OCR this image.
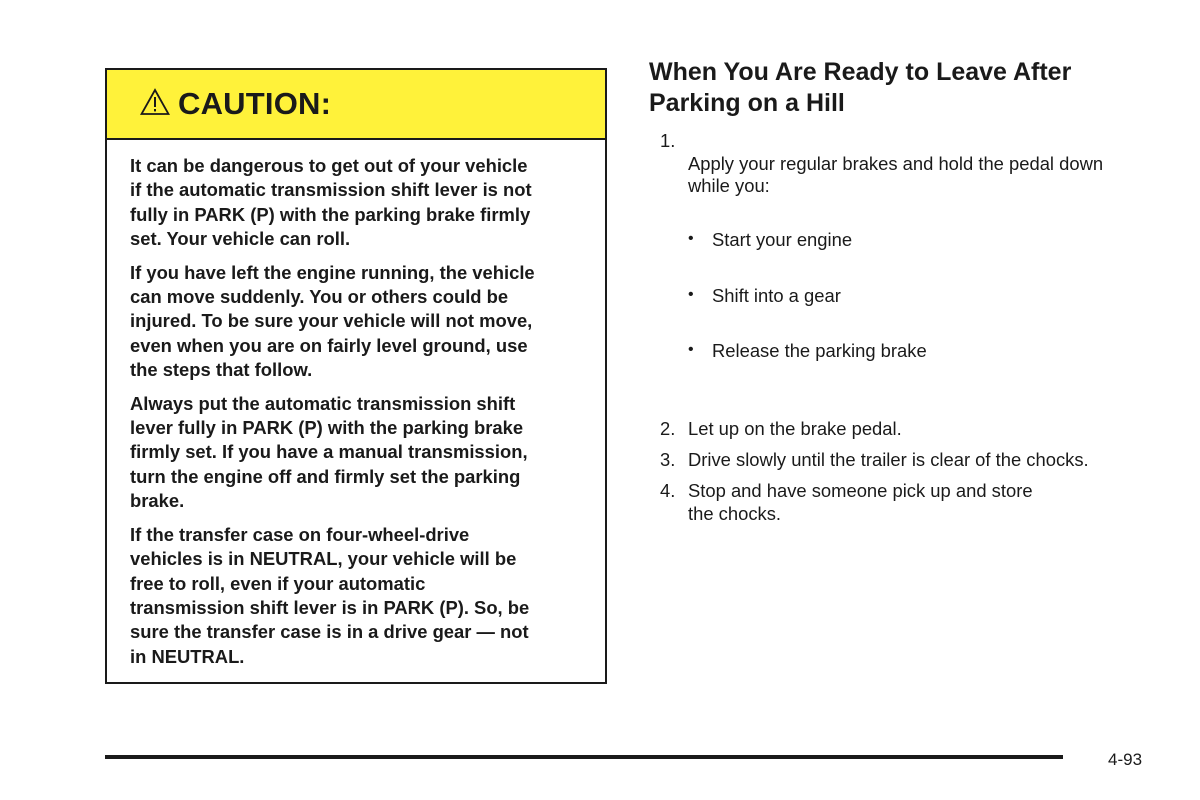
CAUTION:

It can be dangerous to get out of your vehicle
if the automatic transmission shift lever is not
fully in PARK (P) with the parking brake firmly
set. Your vehicle can roll.

If you have left the engine running, the vehicle
can move suddenly. You or others could be
injured. To be sure your vehicle will not move,
even when you are on fairly level ground, use
the steps that follow.

Always put the automatic transmission shift
lever fully in PARK (P) with the parking brake
firmly set. If you have a manual transmission,
turn the engine off and firmly set the parking
brake.

If the transfer case on four-wheel-drive
vehicles is in NEUTRAL, your vehicle will be
free to roll, even if your automatic
transmission shift lever is in PARK (P). So, be
sure the transfer case is in a drive gear — not
in NEUTRAL.

When You Are Ready to Leave After
Parking on a Hill
1.

Apply your regular brakes and hold the pedal down
while you:

• Start your engine

• Shift into a gear

• Release the parking brake

2. Let up on the brake pedal.
3. Drive slowly until the trailer is clear of the chocks.
4. Stop and have someone pick up and store
the chocks.
4-93
